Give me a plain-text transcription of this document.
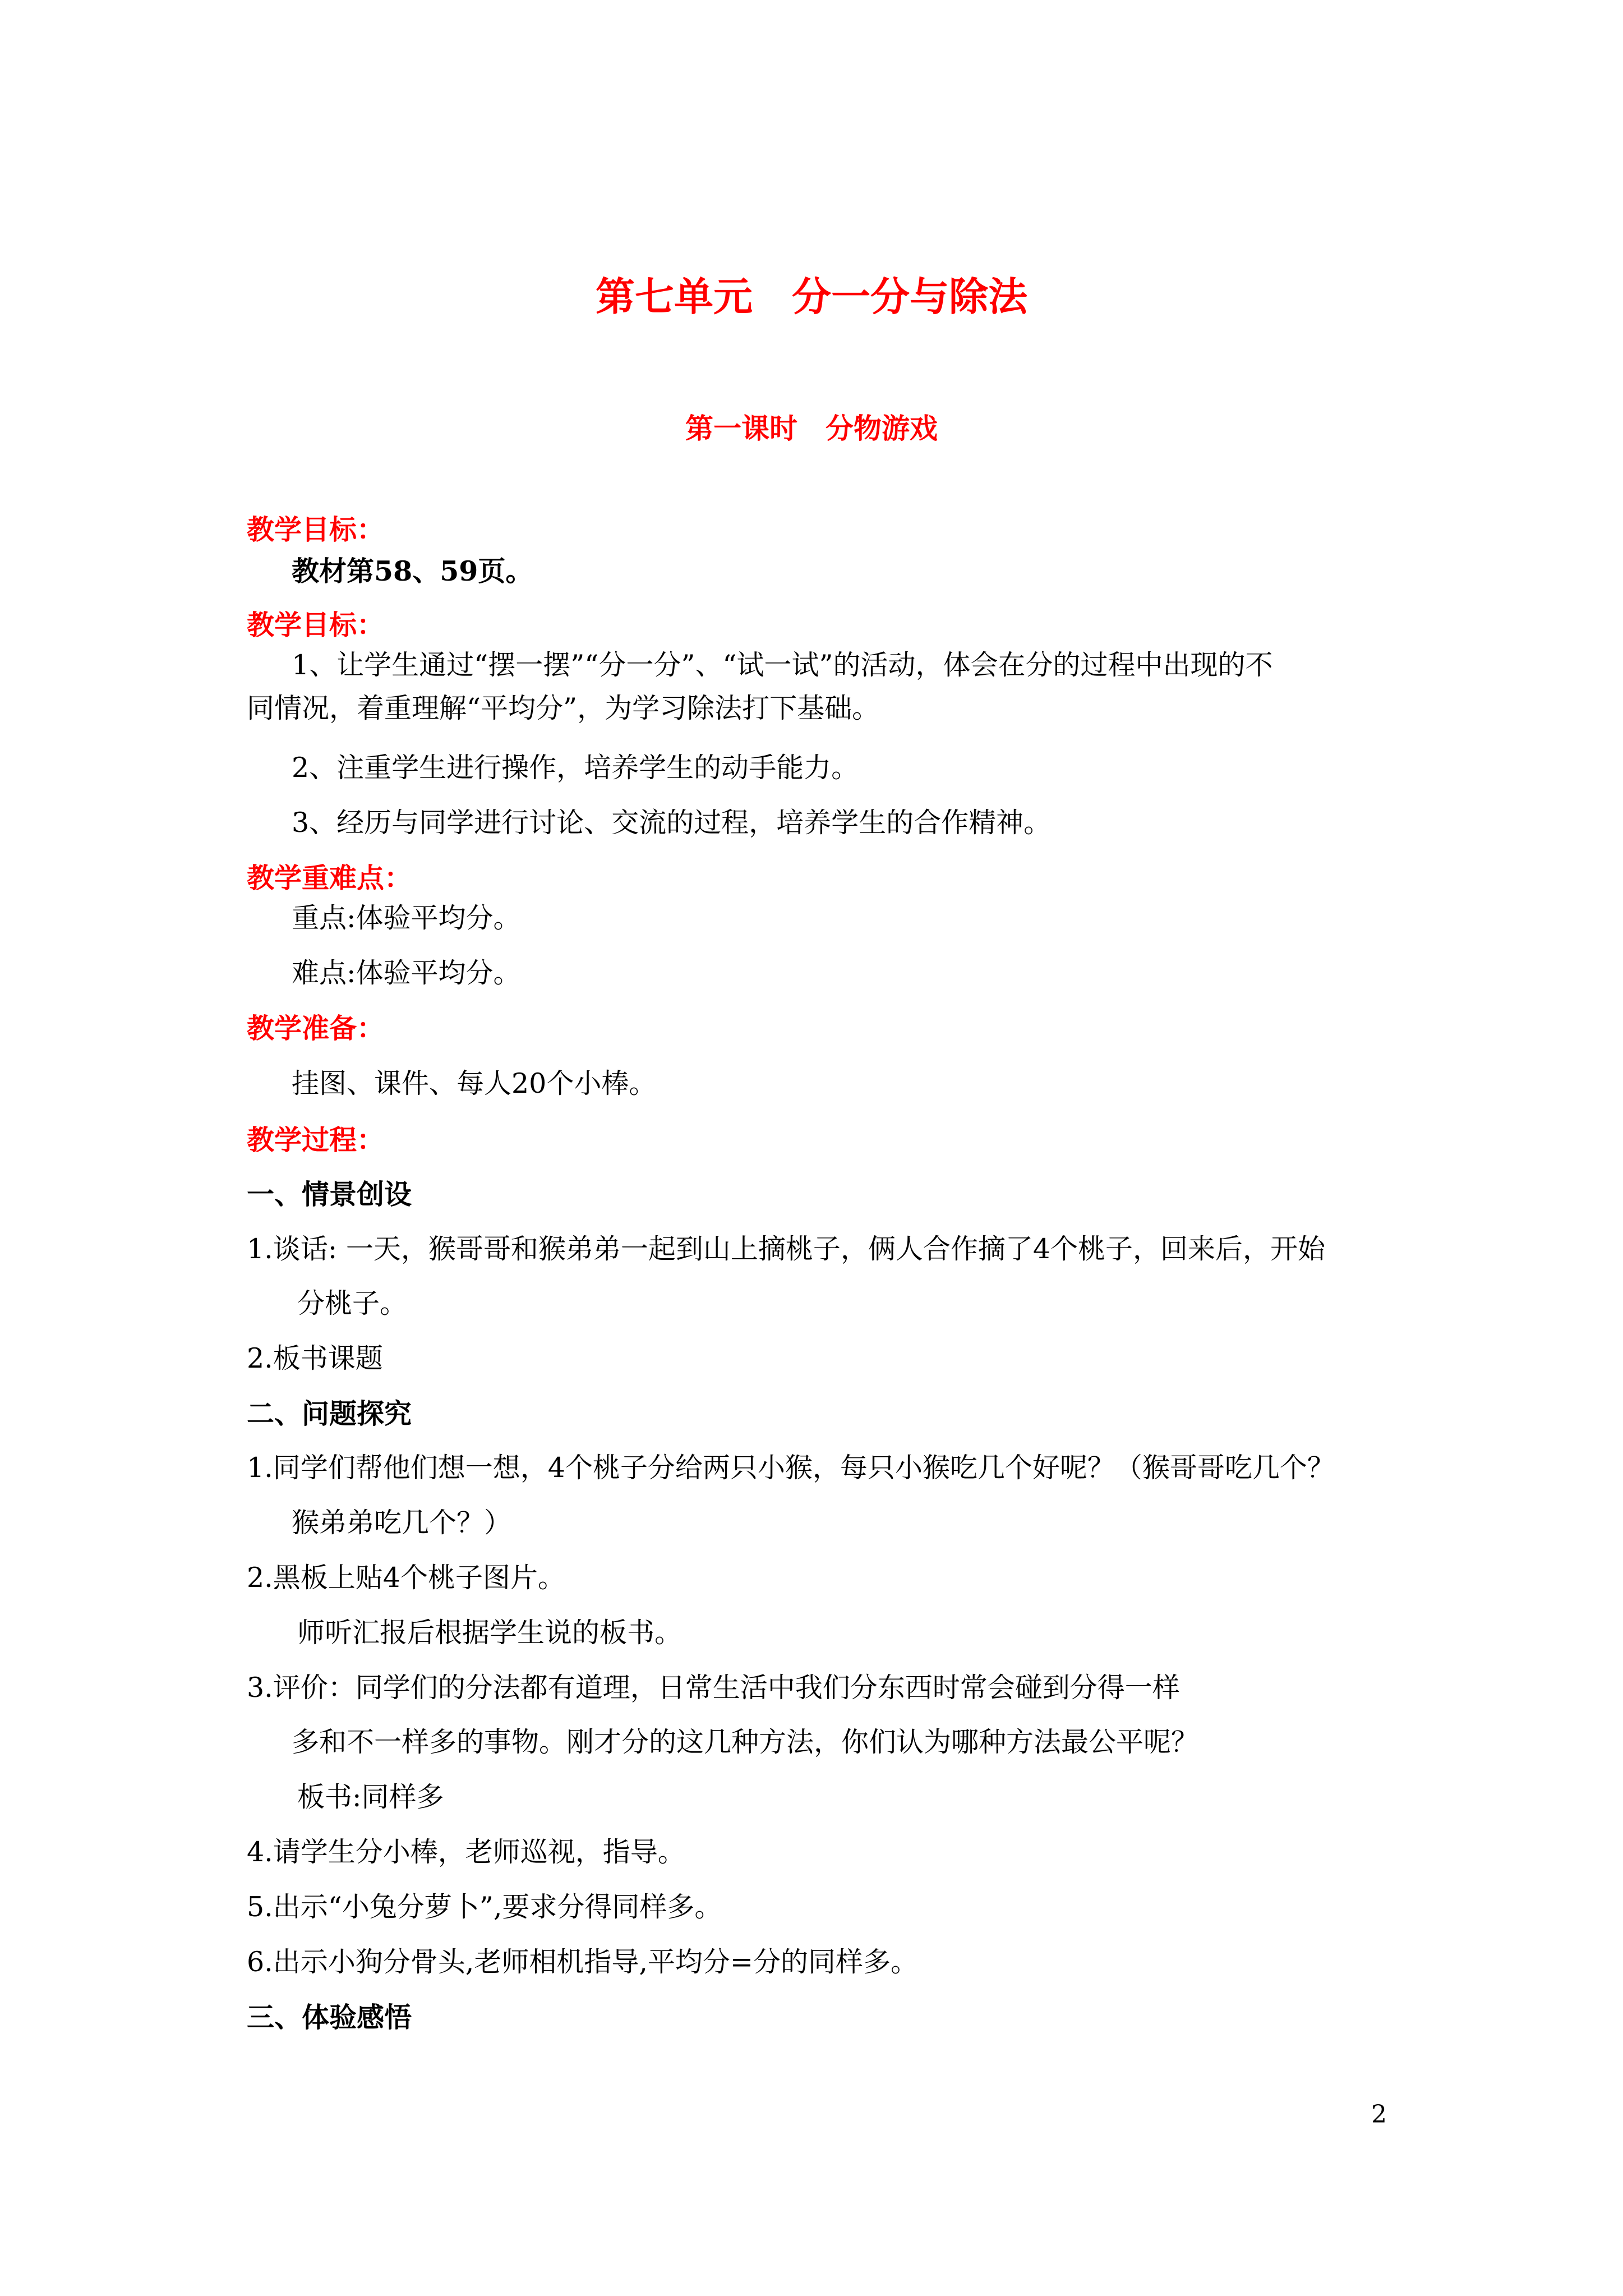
第七单元　分一分与除法
第一课时　分物游戏
教学目标：
教材第58、59页。
教学目标：
1、让学生通过“摆一摆”“分一分”、“试一试”的活动，体会在分的过程中出现的不
同情况，着重理解“平均分”，为学习除法打下基础。
2、注重学生进行操作，培养学生的动手能力。
3、经历与同学进行讨论、交流的过程，培养学生的合作精神。
教学重难点：
重点:体验平均分。
难点:体验平均分。
教学准备：
挂图、课件、每人20个小棒。
教学过程：
一、情景创设
1.谈话: 一天，猴哥哥和猴弟弟一起到山上摘桃子，俩人合作摘了4个桃子，回来后，开始
分桃子。
2.板书课题
二、问题探究
1.同学们帮他们想一想，4个桃子分给两只小猴，每只小猴吃几个好呢？（猴哥哥吃几个？
猴弟弟吃几个？）
2.黑板上贴4个桃子图片。
师听汇报后根据学生说的板书。
3.评价：同学们的分法都有道理，日常生活中我们分东西时常会碰到分得一样
多和不一样多的事物。刚才分的这几种方法，你们认为哪种方法最公平呢？
板书:同样多
4.请学生分小棒，老师巡视，指导。
5.出示“小兔分萝卜”,要求分得同样多。
6.出示小狗分骨头,老师相机指导,平均分=分的同样多。
三、体验感悟
2
